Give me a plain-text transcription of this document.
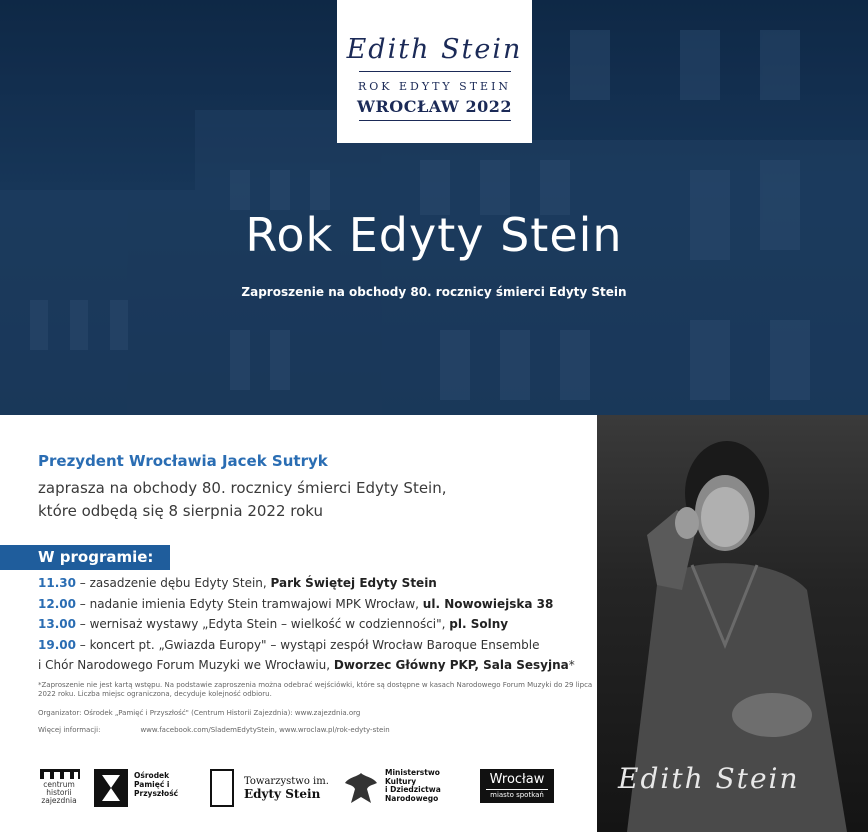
Edith Stein
ROK EDYTY STEIN
WROCŁAW 2022
Rok Edyty Stein
Zaproszenie na obchody 80. rocznicy śmierci Edyty Stein
Prezydent Wrocławia Jacek Sutryk
zaprasza na obchody 80. rocznicy śmierci Edyty Stein,
które odbędą się 8 sierpnia 2022 roku
W programie:
11.30 – zasadzenie dębu Edyty Stein, Park Świętej Edyty Stein
12.00 – nadanie imienia Edyty Stein tramwajowi MPK Wrocław, ul. Nowowiejska 38
13.00 – wernisaż wystawy „Edyta Stein – wielkość w codzienności", pl. Solny
19.00 – koncert pt. „Gwiazda Europy" – wystąpi zespół Wrocław Baroque Ensemble
i Chór Narodowego Forum Muzyki we Wrocławiu, Dworzec Główny PKP, Sala Sesyjna*
*Zaproszenie nie jest kartą wstępu. Na podstawie zaproszenia można odebrać wejściówki, które są dostępne w kasach Narodowego Forum Muzyki do 29 lipca 2022 roku. Liczba miejsc ograniczona, decyduje kolejność odbioru.
Organizator: Ośrodek „Pamięć i Przyszłość" (Centrum Historii Zajezdnia): www.zajezdnia.org
Więcej informacji:	www.facebook.com/SlademEdytyStein, www.wroclaw.pl/rok-edyty-stein
centrum historii zajezdnia
Ośrodek
Pamięć i Przyszłość
Towarzystwo im.
Edyty Stein
Ministerstwo
Kultury
i Dziedzictwa
Narodowego
Wrocław
miasto spotkań	Edith Stein
